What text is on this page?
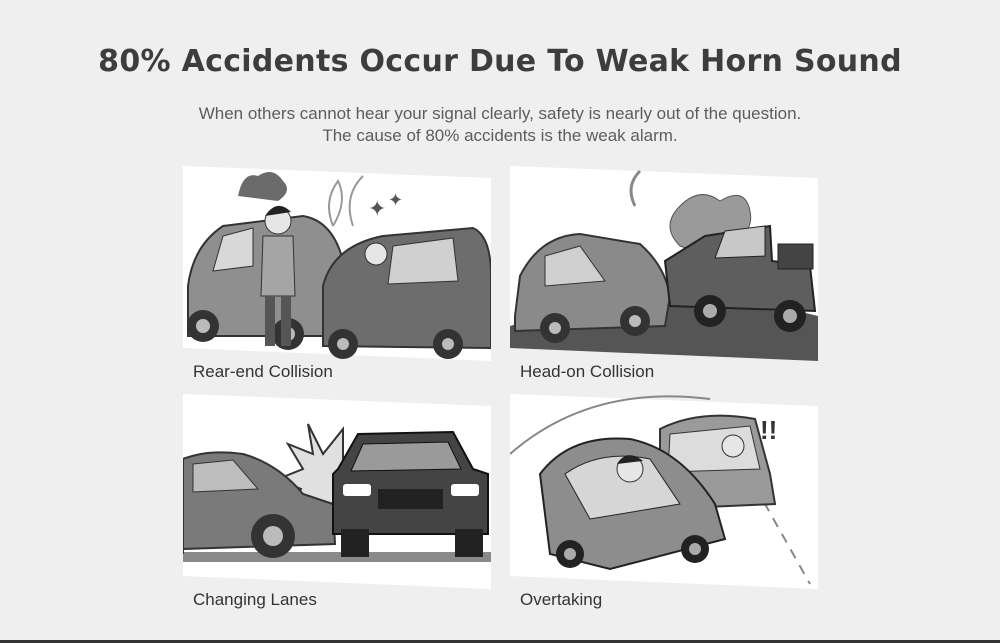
80% Accidents Occur Due To Weak Horn Sound
When others cannot hear your signal clearly, safety is nearly out of the question.
The cause of 80% accidents is the weak alarm.
✦ ✦
Rear-end Collision	Head-on Collision
Changing Lanes
!!
Overtaking
